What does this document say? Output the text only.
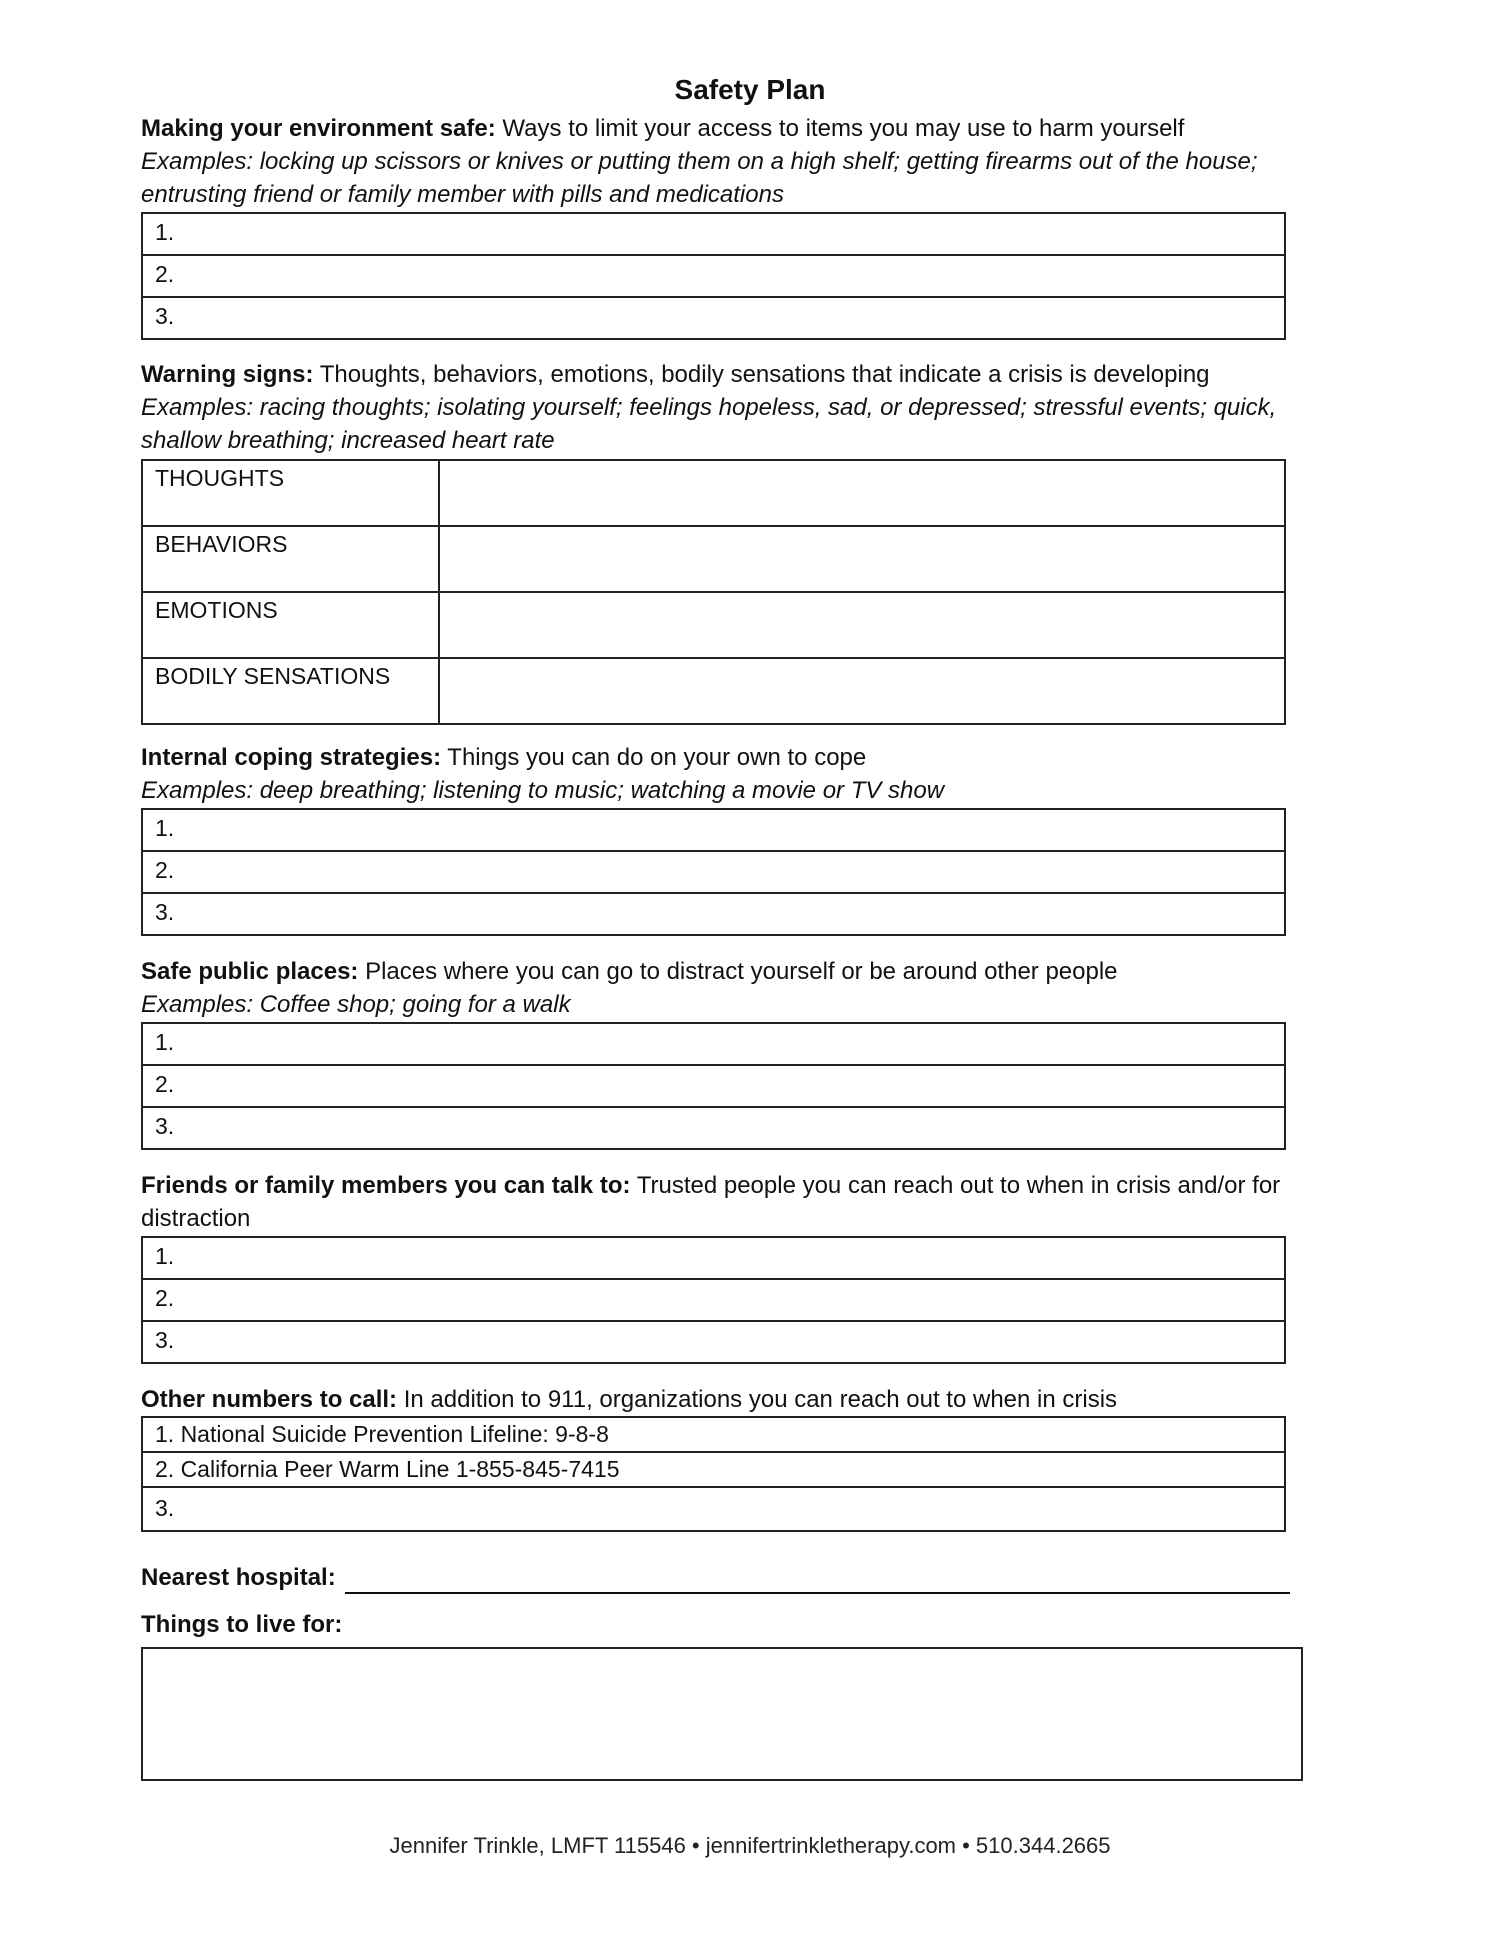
Safety Plan
Making your environment safe: Ways to limit your access to items you may use to harm yourself
Examples: locking up scissors or knives or putting them on a high shelf; getting firearms out of the house; entrusting friend or family member with pills and medications
1.
2.
3.
Warning signs: Thoughts, behaviors, emotions, bodily sensations that indicate a crisis is developing
Examples: racing thoughts; isolating yourself; feelings hopeless, sad, or depressed; stressful events; quick, shallow breathing; increased heart rate
THOUGHTS	
BEHAVIORS	
EMOTIONS	
BODILY SENSATIONS	
Internal coping strategies: Things you can do on your own to cope
Examples: deep breathing; listening to music; watching a movie or TV show
1.
2.
3.
Safe public places: Places where you can go to distract yourself or be around other people
Examples: Coffee shop; going for a walk
1.
2.
3.
Friends or family members you can talk to: Trusted people you can reach out to when in crisis and/or for distraction
1.
2.
3.
Other numbers to call: In addition to 911, organizations you can reach out to when in crisis
1. National Suicide Prevention Lifeline: 9-8-8
2. California Peer Warm Line 1-855-845-7415
3.
Nearest hospital:
Things to live for:
Jennifer Trinkle, LMFT 115546 • jennifertrinkletherapy.com • 510.344.2665
